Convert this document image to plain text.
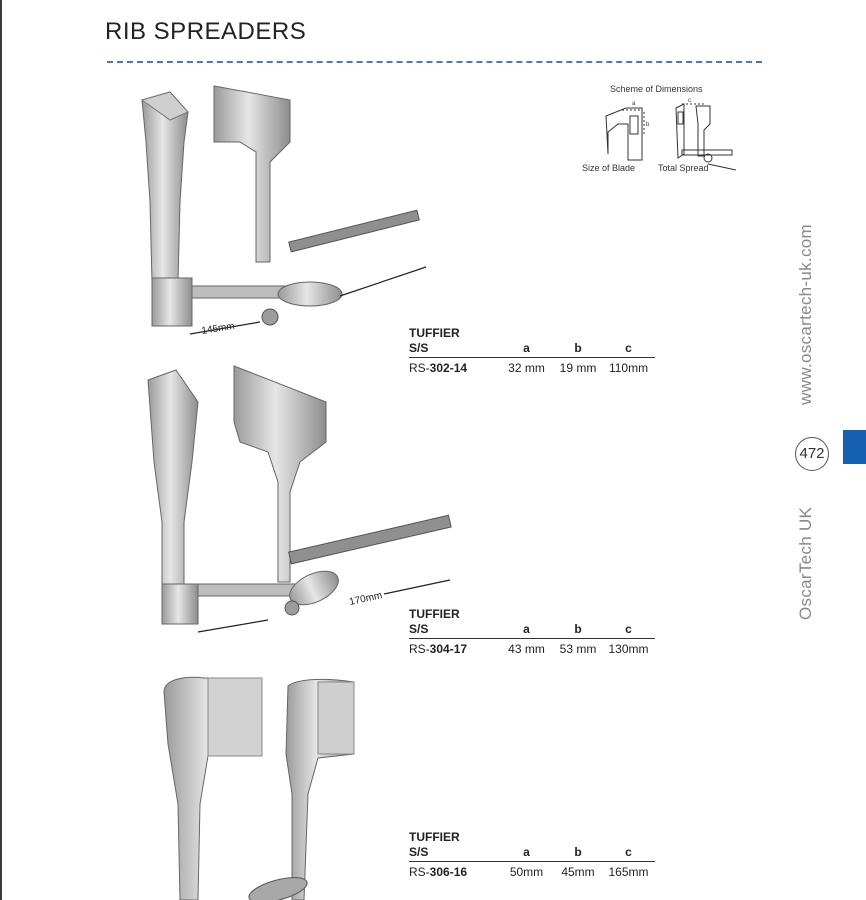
RIB SPREADERS
Scheme of Dimensions
a
b
c
Size of Blade	Total Spread
145mm	TUFFIER
S/S	a	b	c
RS-302-14	32 mm	19 mm	110mm
170mm
TUFFIER
S/S	a	b	c
RS-304-17	43 mm	53 mm	130mm
TUFFIER
S/S	a	b	c
RS-306-16	50mm	45mm	165mm
OscarTech UKwww.oscartech-uk.com
472
